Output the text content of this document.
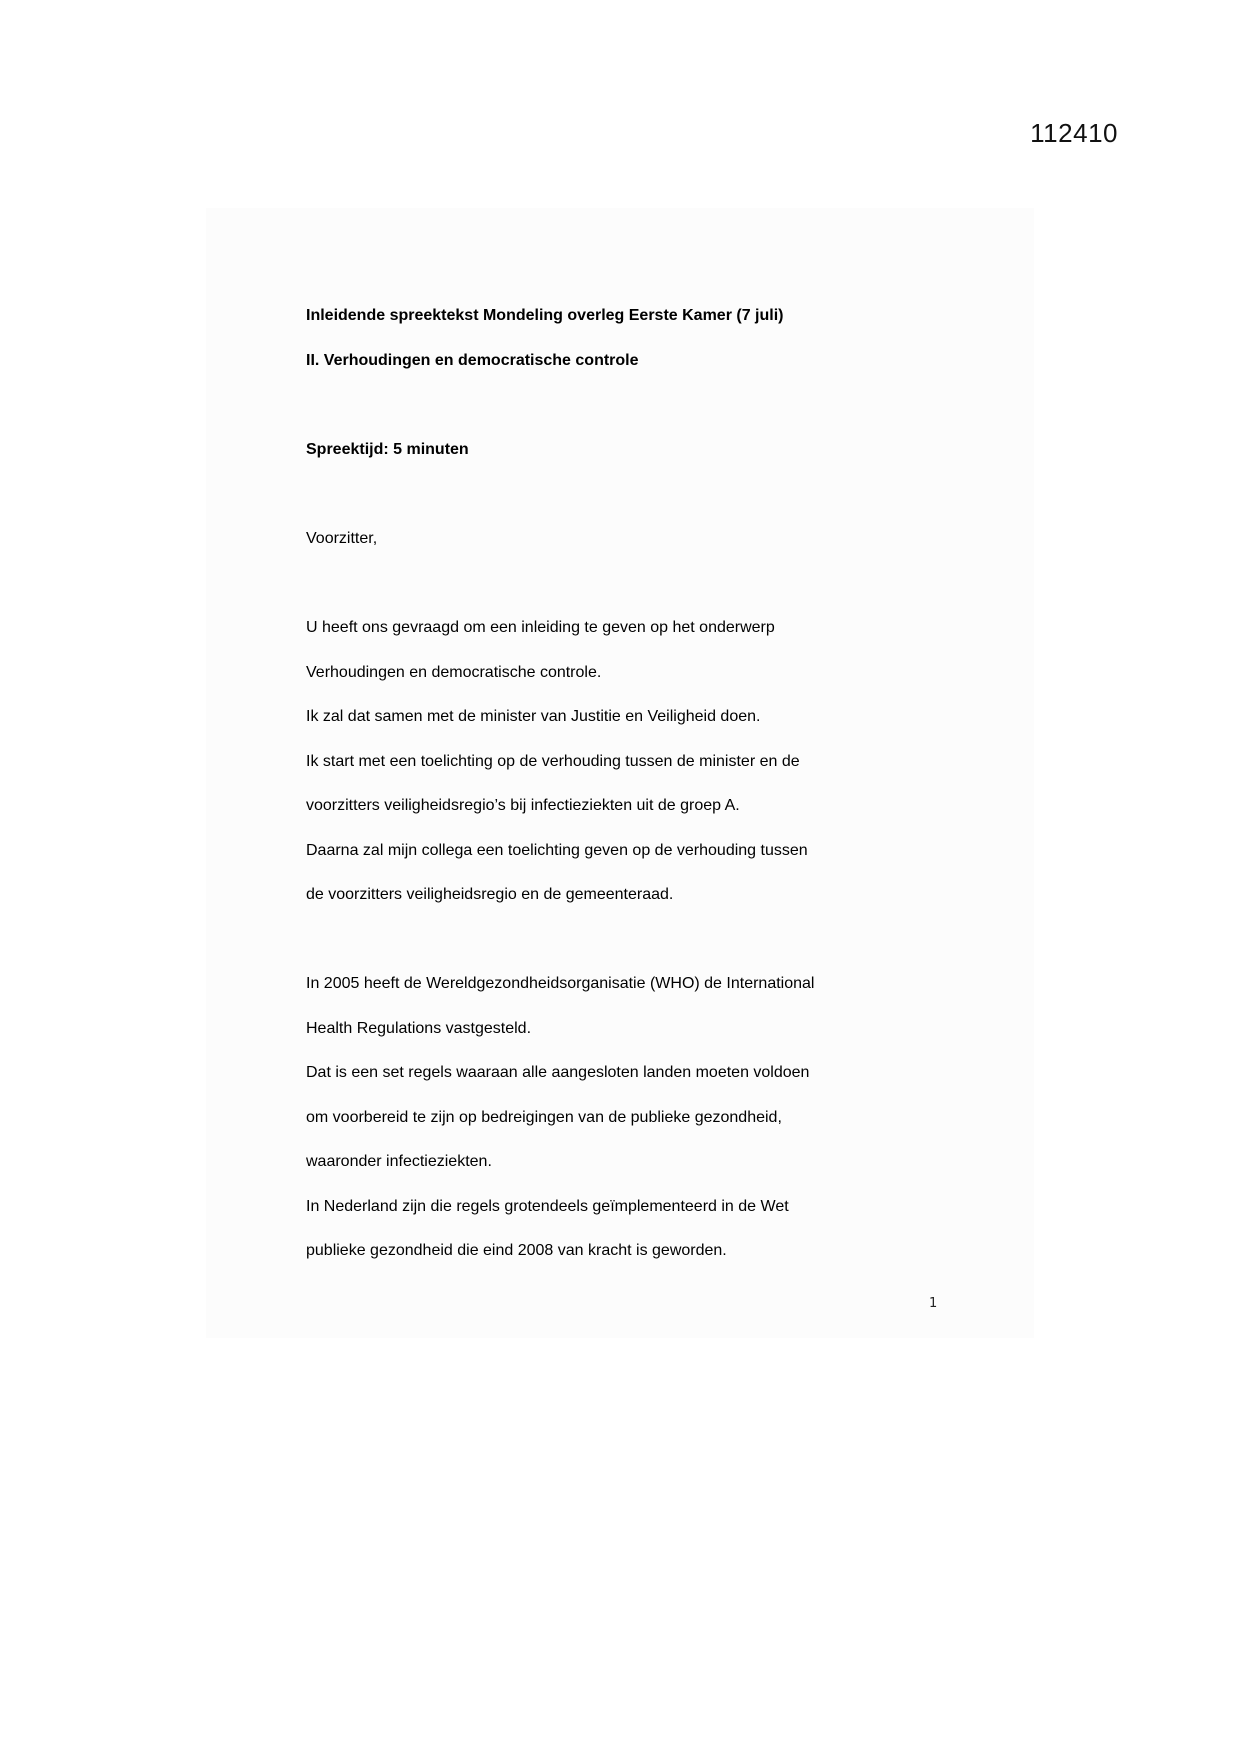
112410
Inleidende spreektekst Mondeling overleg Eerste Kamer (7 juli)
II. Verhoudingen en democratische controle
Spreektijd: 5 minuten
Voorzitter,
U heeft ons gevraagd om een inleiding te geven op het onderwerp
Verhoudingen en democratische controle.
Ik zal dat samen met de minister van Justitie en Veiligheid doen.
Ik start met een toelichting op de verhouding tussen de minister en de
voorzitters veiligheidsregio’s bij infectieziekten uit de groep A.
Daarna zal mijn collega een toelichting geven op de verhouding tussen
de voorzitters veiligheidsregio en de gemeenteraad.
In 2005 heeft de Wereldgezondheidsorganisatie (WHO) de International
Health Regulations vastgesteld.
Dat is een set regels waaraan alle aangesloten landen moeten voldoen
om voorbereid te zijn op bedreigingen van de publieke gezondheid,
waaronder infectieziekten.
In Nederland zijn die regels grotendeels geïmplementeerd in de Wet
publieke gezondheid die eind 2008 van kracht is geworden.
1
